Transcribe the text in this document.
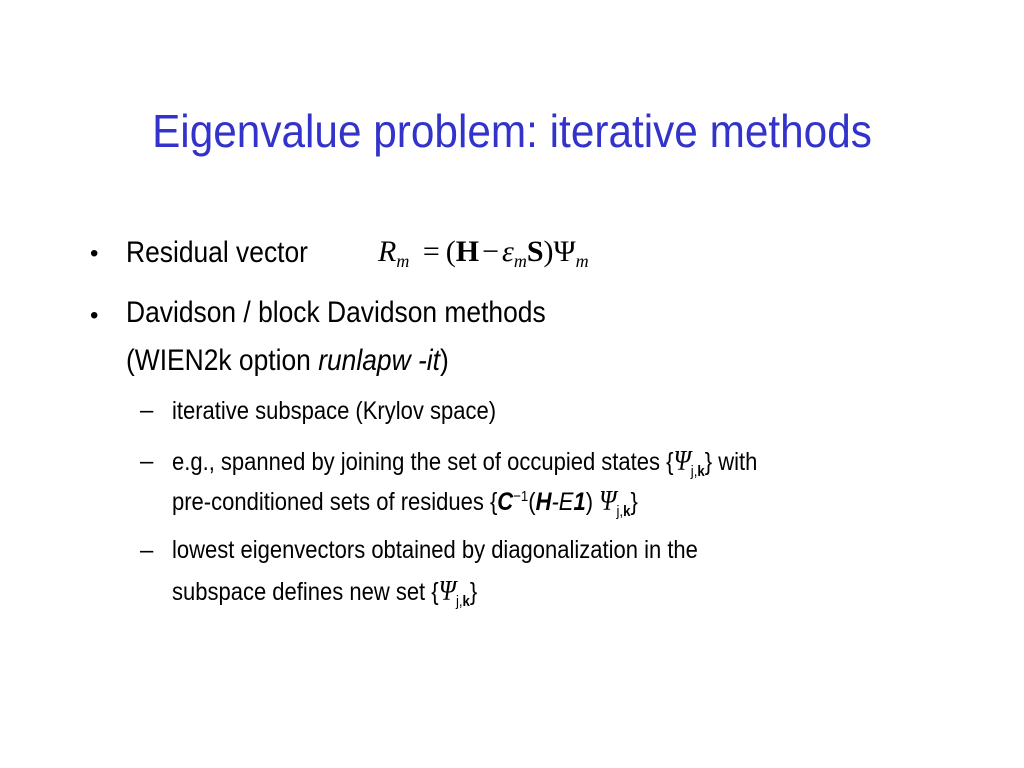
Eigenvalue problem: iterative methods
• Residual vector $R_m = (H - \varepsilon_mS)\Psi_m$
• Davidson / block Davidson methods
(WIEN2k option runlapw -it)
– iterative subspace (Krylov space)
– e.g., spanned by joining the set of occupied states $\{\Psi_{j,k}\}$ with
pre-conditioned sets of residues {$C^{-1}(H-E1)$ $\Psi_{j,k}$}
– lowest eigenvectors obtained by diagonalization in the
subspace defines new set $\{\Psi_{j,k}\}$
